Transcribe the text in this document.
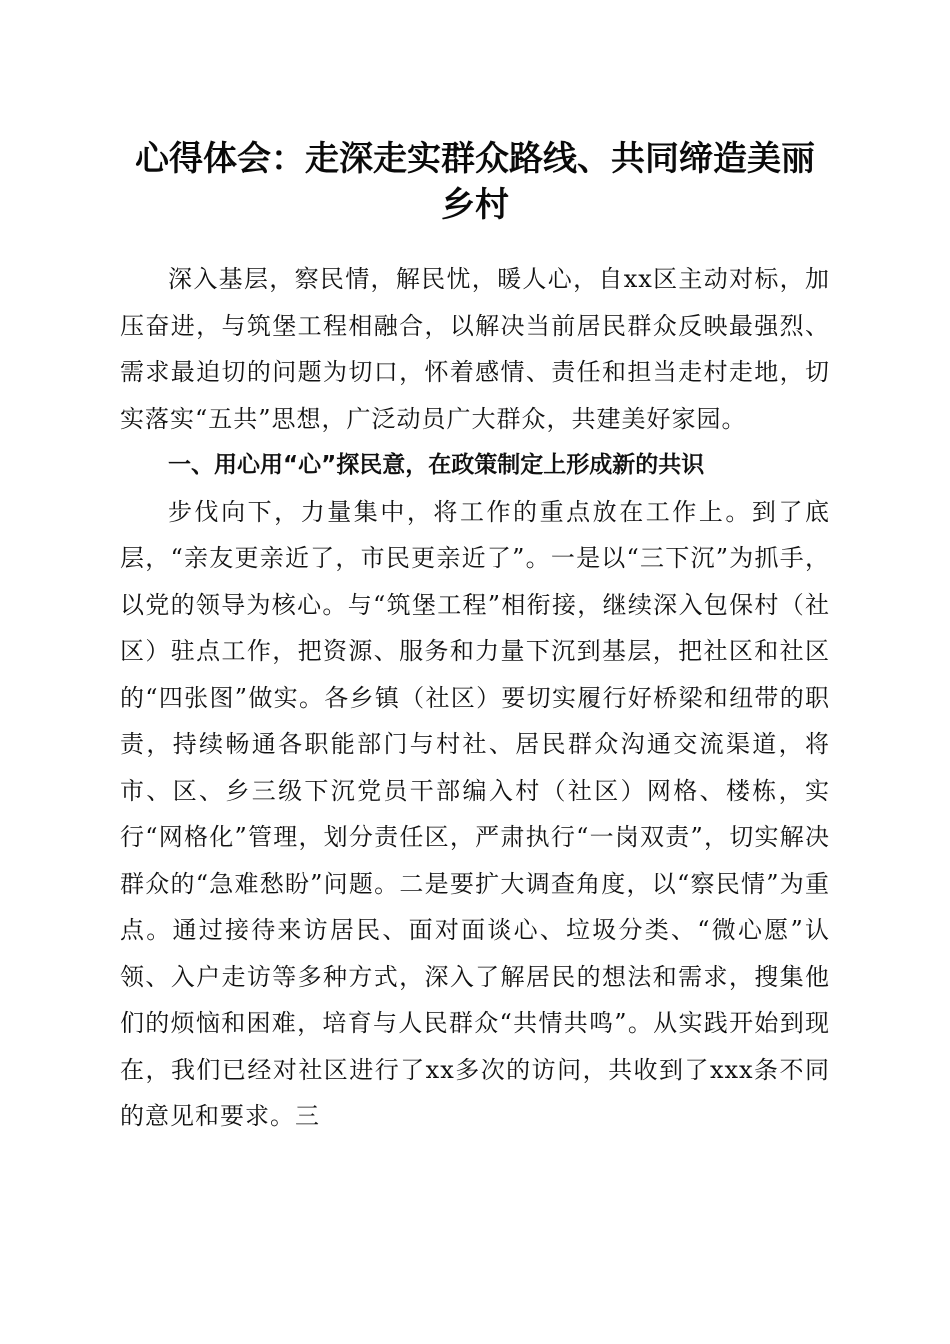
心得体会：走深走实群众路线、共同缔造美丽
乡村

深入基层，察民情，解民忧，暖人心，自xx区主动对标，加压奋进，与筑堡工程相融合，以解决当前居民群众反映最强烈、需求最迫切的问题为切口，怀着感情、责任和担当走村走地，切实落实“五共”思想，广泛动员广大群众，共建美好家园。

一、用心用“心”探民意，在政策制定上形成新的共识

步伐向下，力量集中，将工作的重点放在工作上。到了底层，“亲友更亲近了，市民更亲近了”。一是以“三下沉”为抓手，以党的领导为核心。与“筑堡工程”相衔接，继续深入包保村（社区）驻点工作，把资源、服务和力量下沉到基层，把社区和社区的“四张图”做实。各乡镇（社区）要切实履行好桥梁和纽带的职责，持续畅通各职能部门与村社、居民群众沟通交流渠道，将市、区、乡三级下沉党员干部编入村（社区）网格、楼栋，实行“网格化”管理，划分责任区，严肃执行“一岗双责”，切实解决群众的“急难愁盼”问题。二是要扩大调查角度，以“察民情”为重点。通过接待来访居民、面对面谈心、垃圾分类、“微心愿”认领、入户走访等多种方式，深入了解居民的想法和需求，搜集他们的烦恼和困难，培育与人民群众“共情共鸣”。从实践开始到现在，我们已经对社区进行了xx多次的访问，共收到了xxx条不同的意见和要求。三
